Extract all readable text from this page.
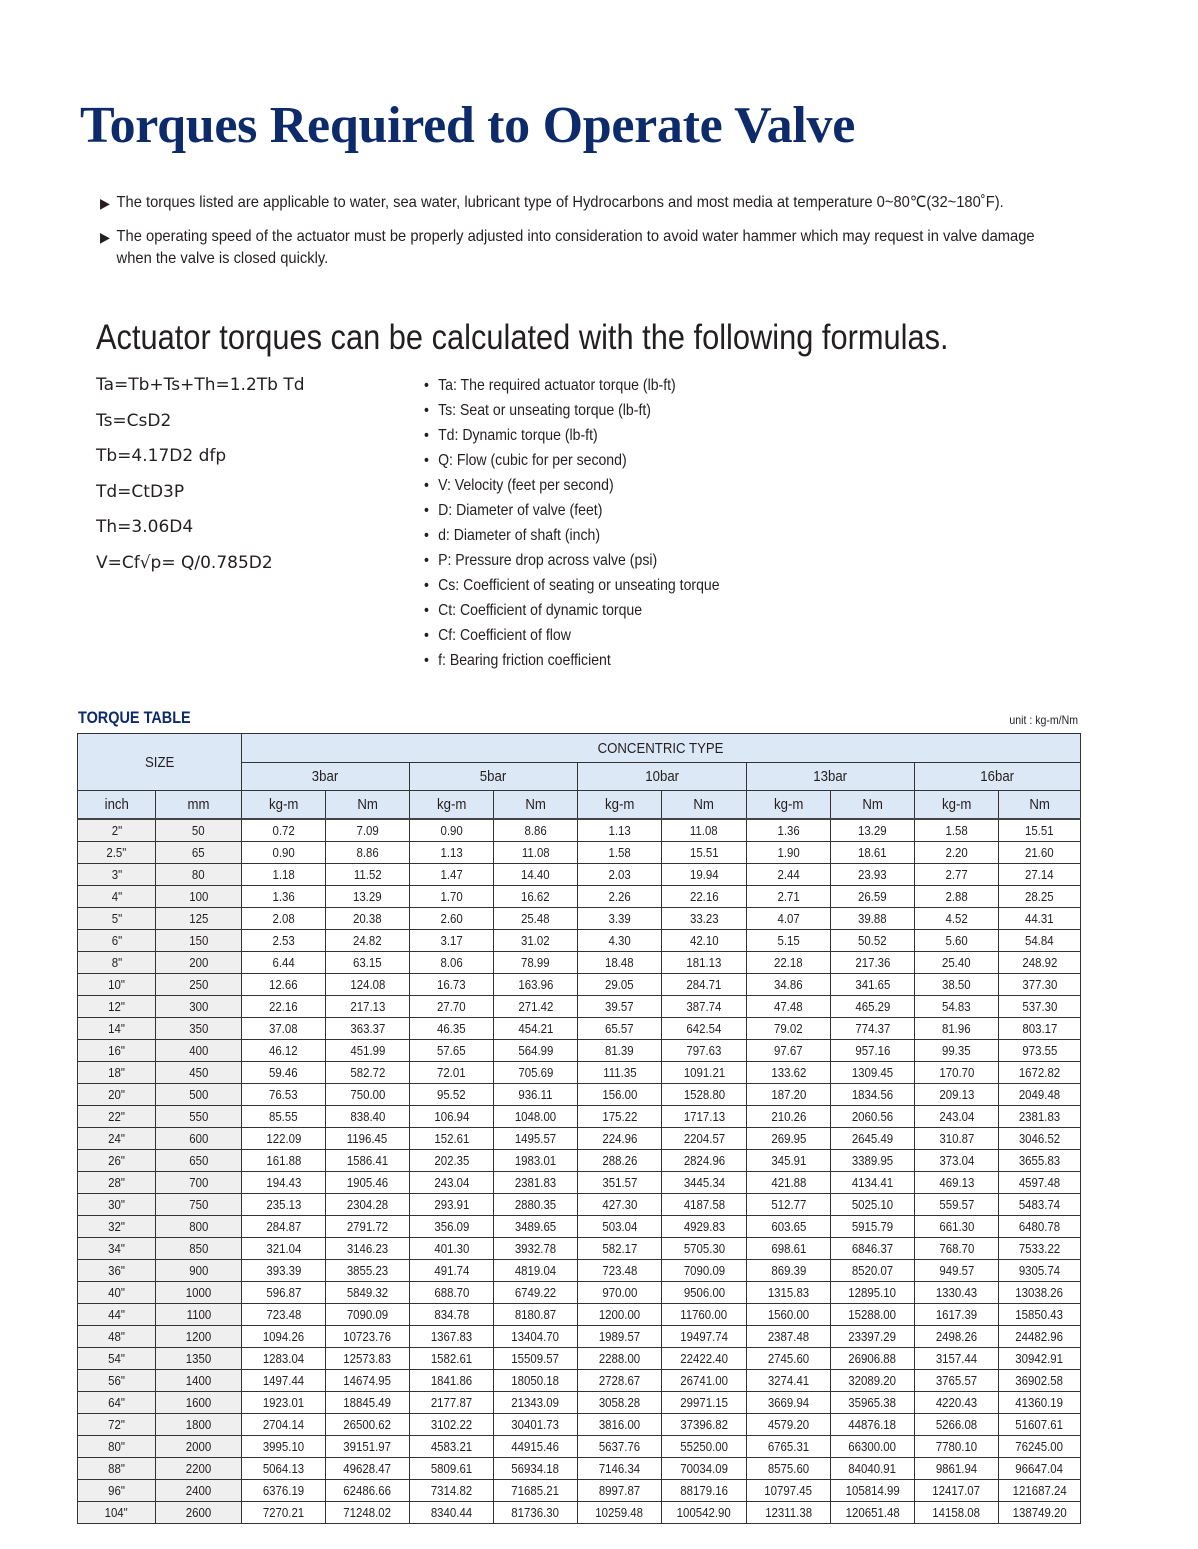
Torques Required to Operate Valve
▶ The torques listed are applicable to water, sea water, lubricant type of Hydrocarbons and most media at temperature 0~80℃(32~180˚F).
▶ The operating speed of the actuator must be properly adjusted into consideration to avoid water hammer which may request in valve damage when the valve is closed quickly.
Actuator torques can be calculated with the following formulas.
Ta=Tb+Ts+Th=1.2Tb Td
Ts=CsD2
Tb=4.17D2 dfp
Td=CtD3P
Th=3.06D4
V=Cf√p= Q/0.785D2
• Ta: The required actuator torque (lb-ft)
• Ts: Seat or unseating torque (lb-ft)
• Td: Dynamic torque (lb-ft)
• Q: Flow (cubic for per second)
• V: Velocity (feet per second)
• D: Diameter of valve (feet)
• d: Diameter of shaft (inch)
• P: Pressure drop across valve (psi)
• Cs: Coefficient of seating or unseating torque
• Ct: Coefficient of dynamic torque
• Cf: Coefficient of flow
• f: Bearing friction coefficient
TORQUE TABLE	unit : kg-m/Nm
SIZE		CONCENTRIC TYPE									
		3bar		5bar		10bar		13bar		16bar	
inch	mm	kg-m	Nm	kg-m	Nm	kg-m	Nm	kg-m	Nm	kg-m	Nm
2"	50	0.72	7.09	0.90	8.86	1.13	11.08	1.36	13.29	1.58	15.51
2.5"	65	0.90	8.86	1.13	11.08	1.58	15.51	1.90	18.61	2.20	21.60
3"	80	1.18	11.52	1.47	14.40	2.03	19.94	2.44	23.93	2.77	27.14
4"	100	1.36	13.29	1.70	16.62	2.26	22.16	2.71	26.59	2.88	28.25
5"	125	2.08	20.38	2.60	25.48	3.39	33.23	4.07	39.88	4.52	44.31
6"	150	2.53	24.82	3.17	31.02	4.30	42.10	5.15	50.52	5.60	54.84
8"	200	6.44	63.15	8.06	78.99	18.48	181.13	22.18	217.36	25.40	248.92
10"	250	12.66	124.08	16.73	163.96	29.05	284.71	34.86	341.65	38.50	377.30
12"	300	22.16	217.13	27.70	271.42	39.57	387.74	47.48	465.29	54.83	537.30
14"	350	37.08	363.37	46.35	454.21	65.57	642.54	79.02	774.37	81.96	803.17
16"	400	46.12	451.99	57.65	564.99	81.39	797.63	97.67	957.16	99.35	973.55
18"	450	59.46	582.72	72.01	705.69	111.35	1091.21	133.62	1309.45	170.70	1672.82
20"	500	76.53	750.00	95.52	936.11	156.00	1528.80	187.20	1834.56	209.13	2049.48
22"	550	85.55	838.40	106.94	1048.00	175.22	1717.13	210.26	2060.56	243.04	2381.83
24"	600	122.09	1196.45	152.61	1495.57	224.96	2204.57	269.95	2645.49	310.87	3046.52
26"	650	161.88	1586.41	202.35	1983.01	288.26	2824.96	345.91	3389.95	373.04	3655.83
28"	700	194.43	1905.46	243.04	2381.83	351.57	3445.34	421.88	4134.41	469.13	4597.48
30"	750	235.13	2304.28	293.91	2880.35	427.30	4187.58	512.77	5025.10	559.57	5483.74
32"	800	284.87	2791.72	356.09	3489.65	503.04	4929.83	603.65	5915.79	661.30	6480.78
34"	850	321.04	3146.23	401.30	3932.78	582.17	5705.30	698.61	6846.37	768.70	7533.22
36"	900	393.39	3855.23	491.74	4819.04	723.48	7090.09	869.39	8520.07	949.57	9305.74
40"	1000	596.87	5849.32	688.70	6749.22	970.00	9506.00	1315.83	12895.10	1330.43	13038.26
44"	1100	723.48	7090.09	834.78	8180.87	1200.00	11760.00	1560.00	15288.00	1617.39	15850.43
48"	1200	1094.26	10723.76	1367.83	13404.70	1989.57	19497.74	2387.48	23397.29	2498.26	24482.96
54"	1350	1283.04	12573.83	1582.61	15509.57	2288.00	22422.40	2745.60	26906.88	3157.44	30942.91
56"	1400	1497.44	14674.95	1841.86	18050.18	2728.67	26741.00	3274.41	32089.20	3765.57	36902.58
64"	1600	1923.01	18845.49	2177.87	21343.09	3058.28	29971.15	3669.94	35965.38	4220.43	41360.19
72"	1800	2704.14	26500.62	3102.22	30401.73	3816.00	37396.82	4579.20	44876.18	5266.08	51607.61
80"	2000	3995.10	39151.97	4583.21	44915.46	5637.76	55250.00	6765.31	66300.00	7780.10	76245.00
88"	2200	5064.13	49628.47	5809.61	56934.18	7146.34	70034.09	8575.60	84040.91	9861.94	96647.04
96"	2400	6376.19	62486.66	7314.82	71685.21	8997.87	88179.16	10797.45	105814.99	12417.07	121687.24
104"	2600	7270.21	71248.02	8340.44	81736.30	10259.48	100542.90	12311.38	120651.48	14158.08	138749.20
